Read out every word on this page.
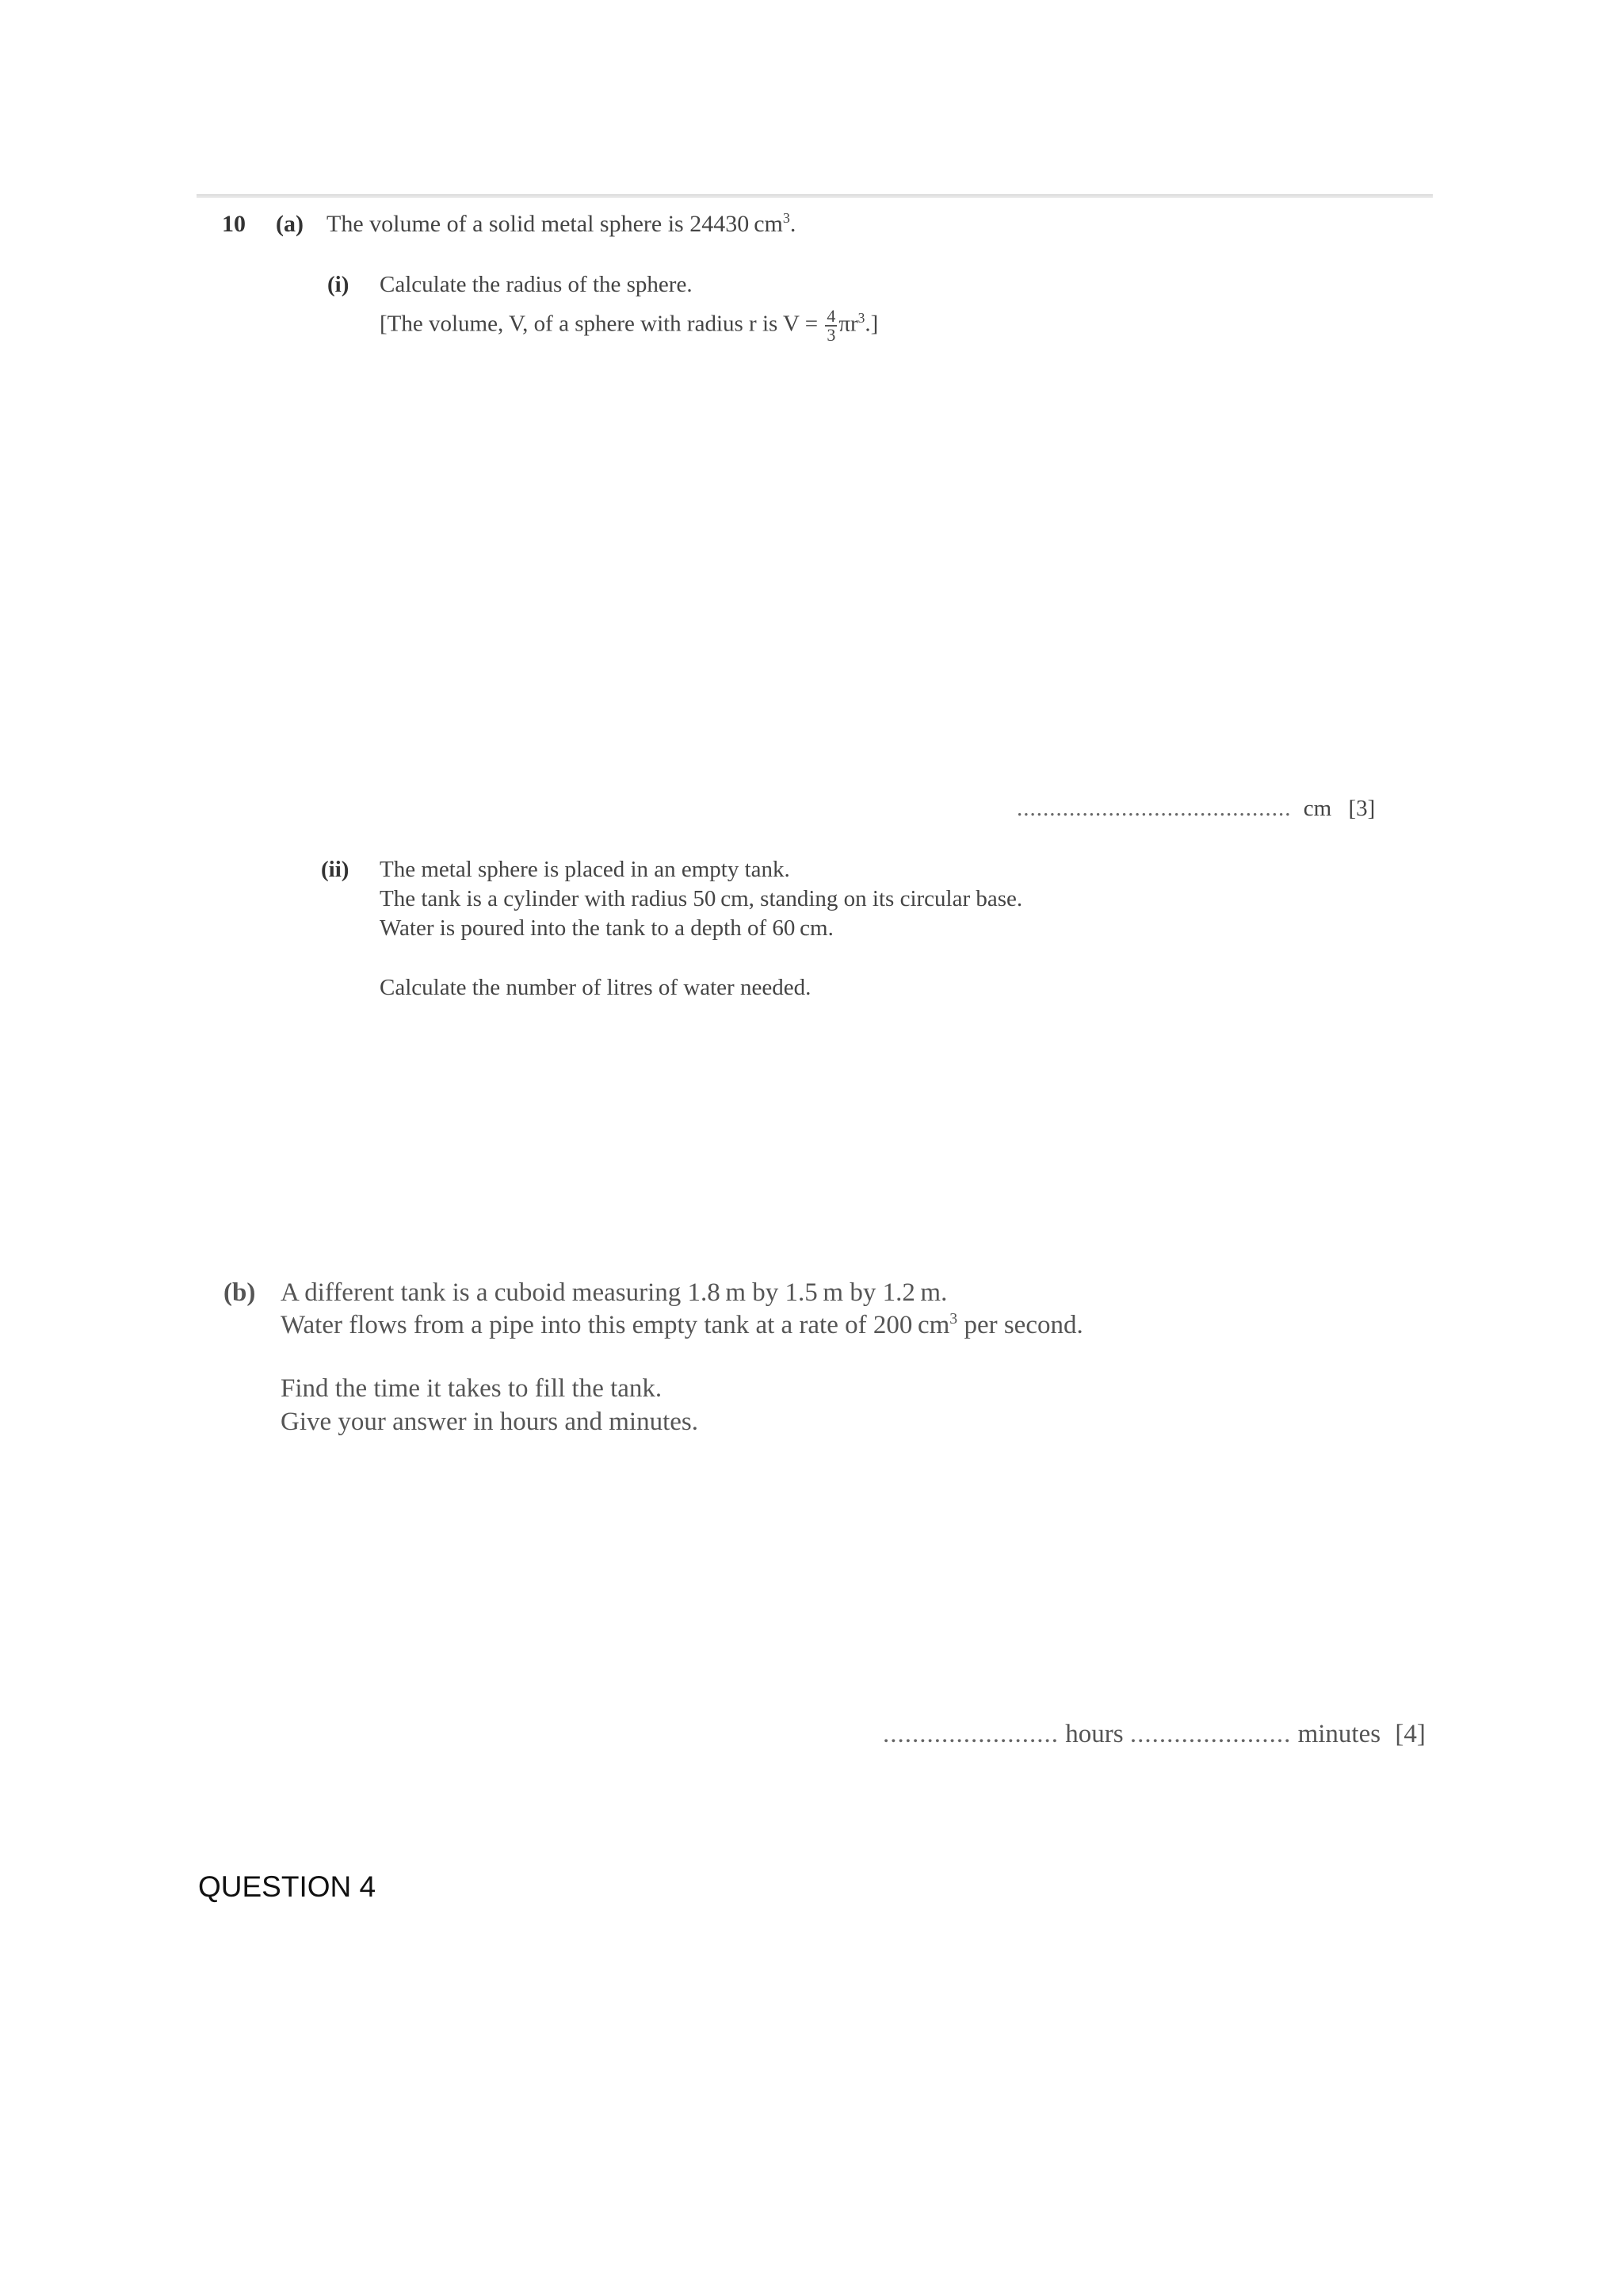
10 (a) The volume of a solid metal sphere is 24430 $cm^3$.
(i) Calculate the radius of the sphere.
[The volume, V, of a sphere with radius r is $V = \frac{4}{3} \pi r^3$.]
.......................................... cm [3]
(ii) The metal sphere is placed in an empty tank.
The tank is a cylinder with radius 50 cm, standing on its circular base.
Water is poured into the tank to a depth of 60 cm.
Calculate the number of litres of water needed.
(b) A different tank is a cuboid measuring 1.8 m by 1.5 m by 1.2 m.
Water flows from a pipe into this empty tank at a rate of 200 $cm^3$ per second.
Find the time it takes to fill the tank.
Give your answer in hours and minutes.
........................ hours ...................... minutes [4]
QUESTION 4
